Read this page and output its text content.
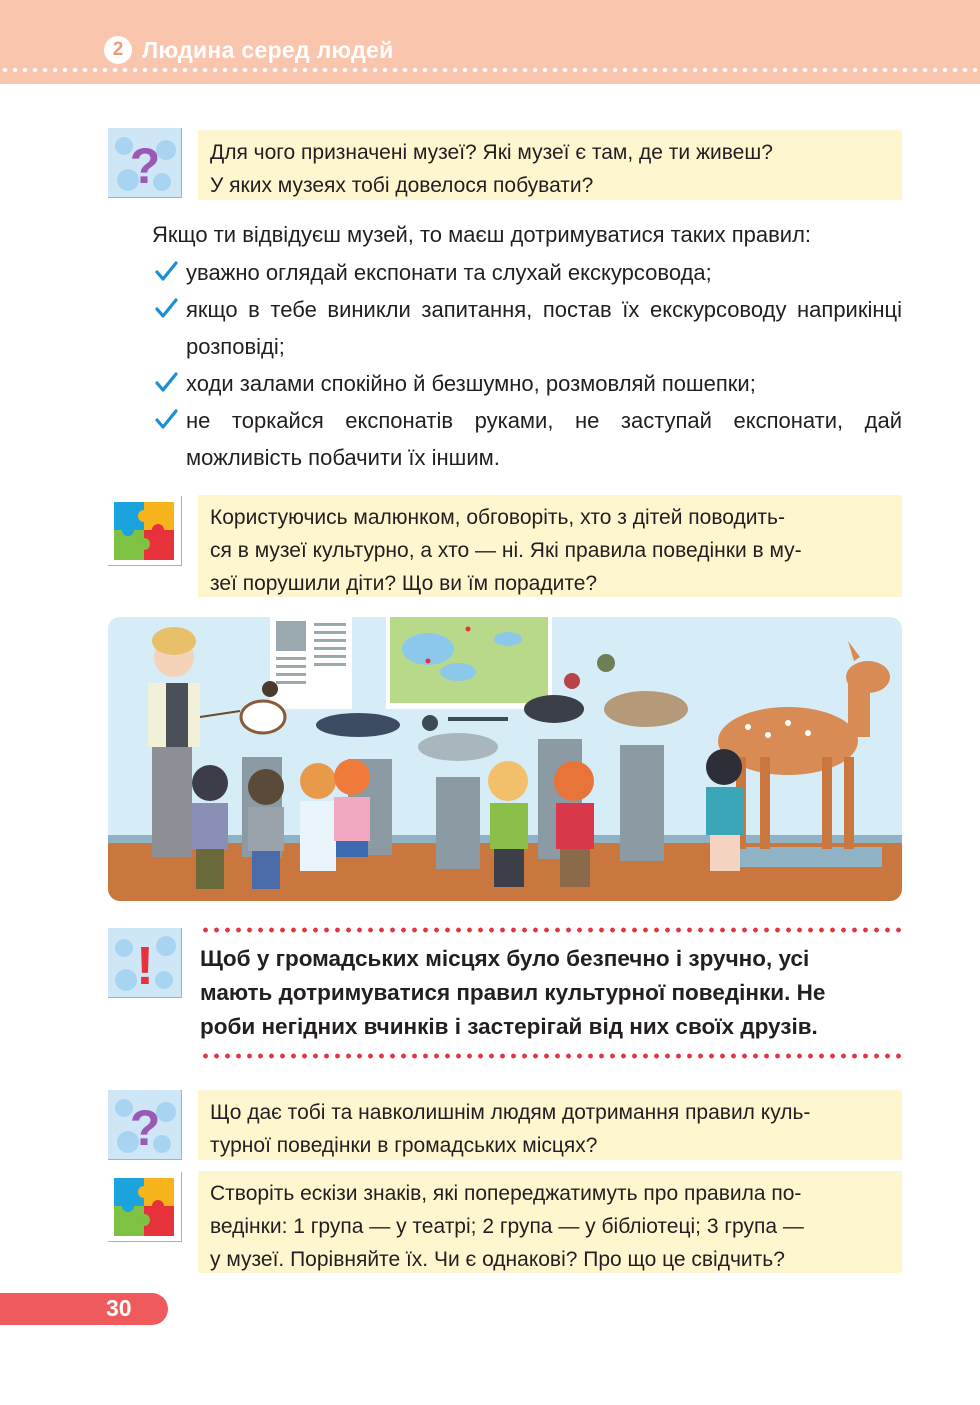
2 Людина серед людей
? Для чого призначені музеї? Які музеї є там, де ти живеш?
У яких музеях тобі довелося побувати?
Якщо ти відвідуєш музей, то маєш дотримуватися таких правил:
уважно оглядай експонати та слухай екскурсовода;
якщо в тебе виникли запитання, постав їх екскурсоводу наприкінці розповіді;
ходи залами спокійно й безшумно, розмовляй пошепки;
не торкайся експонатів руками, не заступай експонати, дай можливість побачити їх іншим.
Користуючись малюнком, обговоріть, хто з дітей поводить-
ся в музеї культурно, а хто — ні. Які правила поведінки в му-
зеї порушили діти? Що ви їм порадите?
! Щоб у громадських місцях було безпечно і зручно, усі
мають дотримуватися правил культурної поведінки. Не
роби негідних вчинків і застерігай від них своїх друзів.
? Що дає тобі та навколишнім людям дотримання правил куль-
турної поведінки в громадських місцях?
Створіть ескізи знаків, які попереджатимуть про правила по-
ведінки: 1 група — у театрі; 2 група — у бібліотеці; 3 група —
у музеї. Порівняйте їх. Чи є однакові? Про що це свідчить?
30
